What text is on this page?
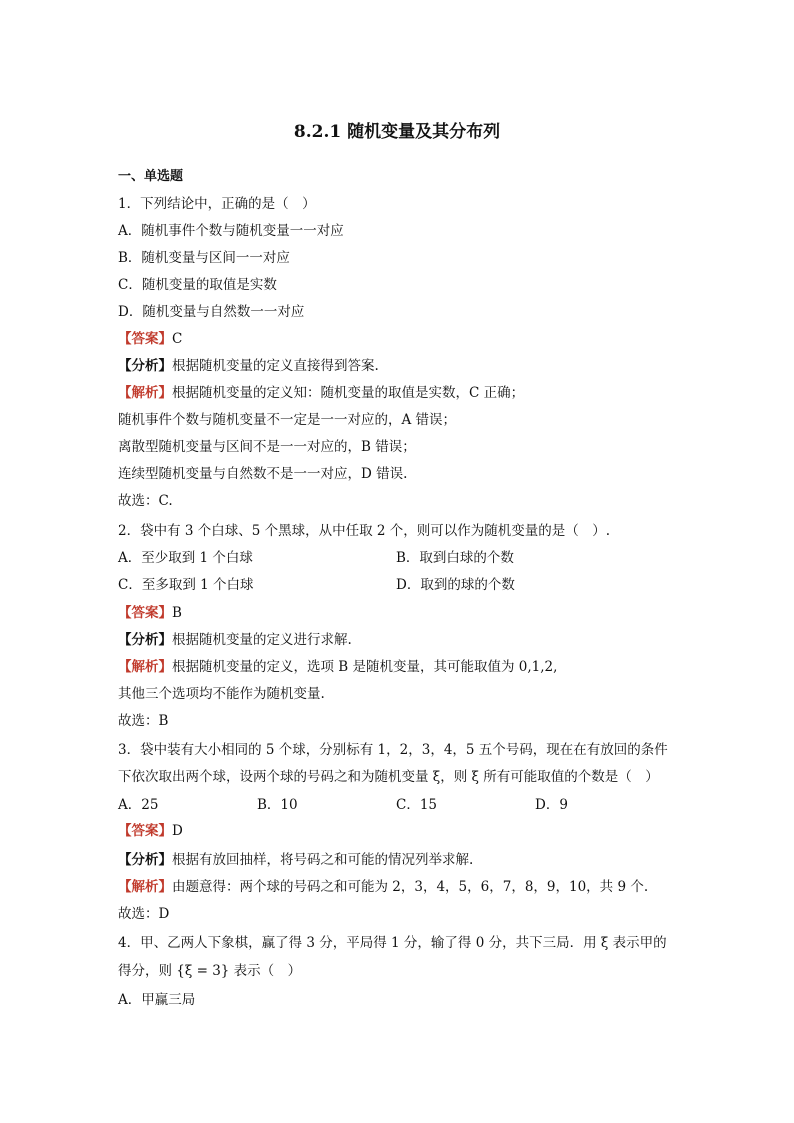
8.2.1 随机变量及其分布列
一、单选题
1．下列结论中，正确的是（　）
A．随机事件个数与随机变量一一对应
B．随机变量与区间一一对应
C．随机变量的取值是实数
D．随机变量与自然数一一对应
【答案】C
【分析】根据随机变量的定义直接得到答案.
【解析】根据随机变量的定义知：随机变量的取值是实数，C 正确；
随机事件个数与随机变量不一定是一一对应的，A 错误；
离散型随机变量与区间不是一一对应的，B 错误；
连续型随机变量与自然数不是一一对应，D 错误.
故选：C.
2．袋中有 3 个白球、5 个黑球，从中任取 2 个，则可以作为随机变量的是（　）.
A．至少取到 1 个白球	B．取到白球的个数
C．至多取到 1 个白球	D．取到的球的个数
【答案】B
【分析】根据随机变量的定义进行求解.
【解析】根据随机变量的定义，选项 B 是随机变量，其可能取值为 0,1,2,
其他三个选项均不能作为随机变量.
故选：B
3．袋中装有大小相同的 5 个球，分别标有 1，2，3，4，5 五个号码，现在在有放回的条件
下依次取出两个球，设两个球的号码之和为随机变量 ξ，则 ξ 所有可能取值的个数是（　）
A．25	B．10	C．15	D．9
【答案】D
【分析】根据有放回抽样，将号码之和可能的情况列举求解.
【解析】由题意得：两个球的号码之和可能为 2，3，4，5，6，7，8，9，10，共 9 个.
故选：D
4．甲、乙两人下象棋，赢了得 3 分，平局得 1 分，输了得 0 分，共下三局．用 ξ 表示甲的
得分，则 {ξ = 3} 表示（　）
A．甲赢三局
